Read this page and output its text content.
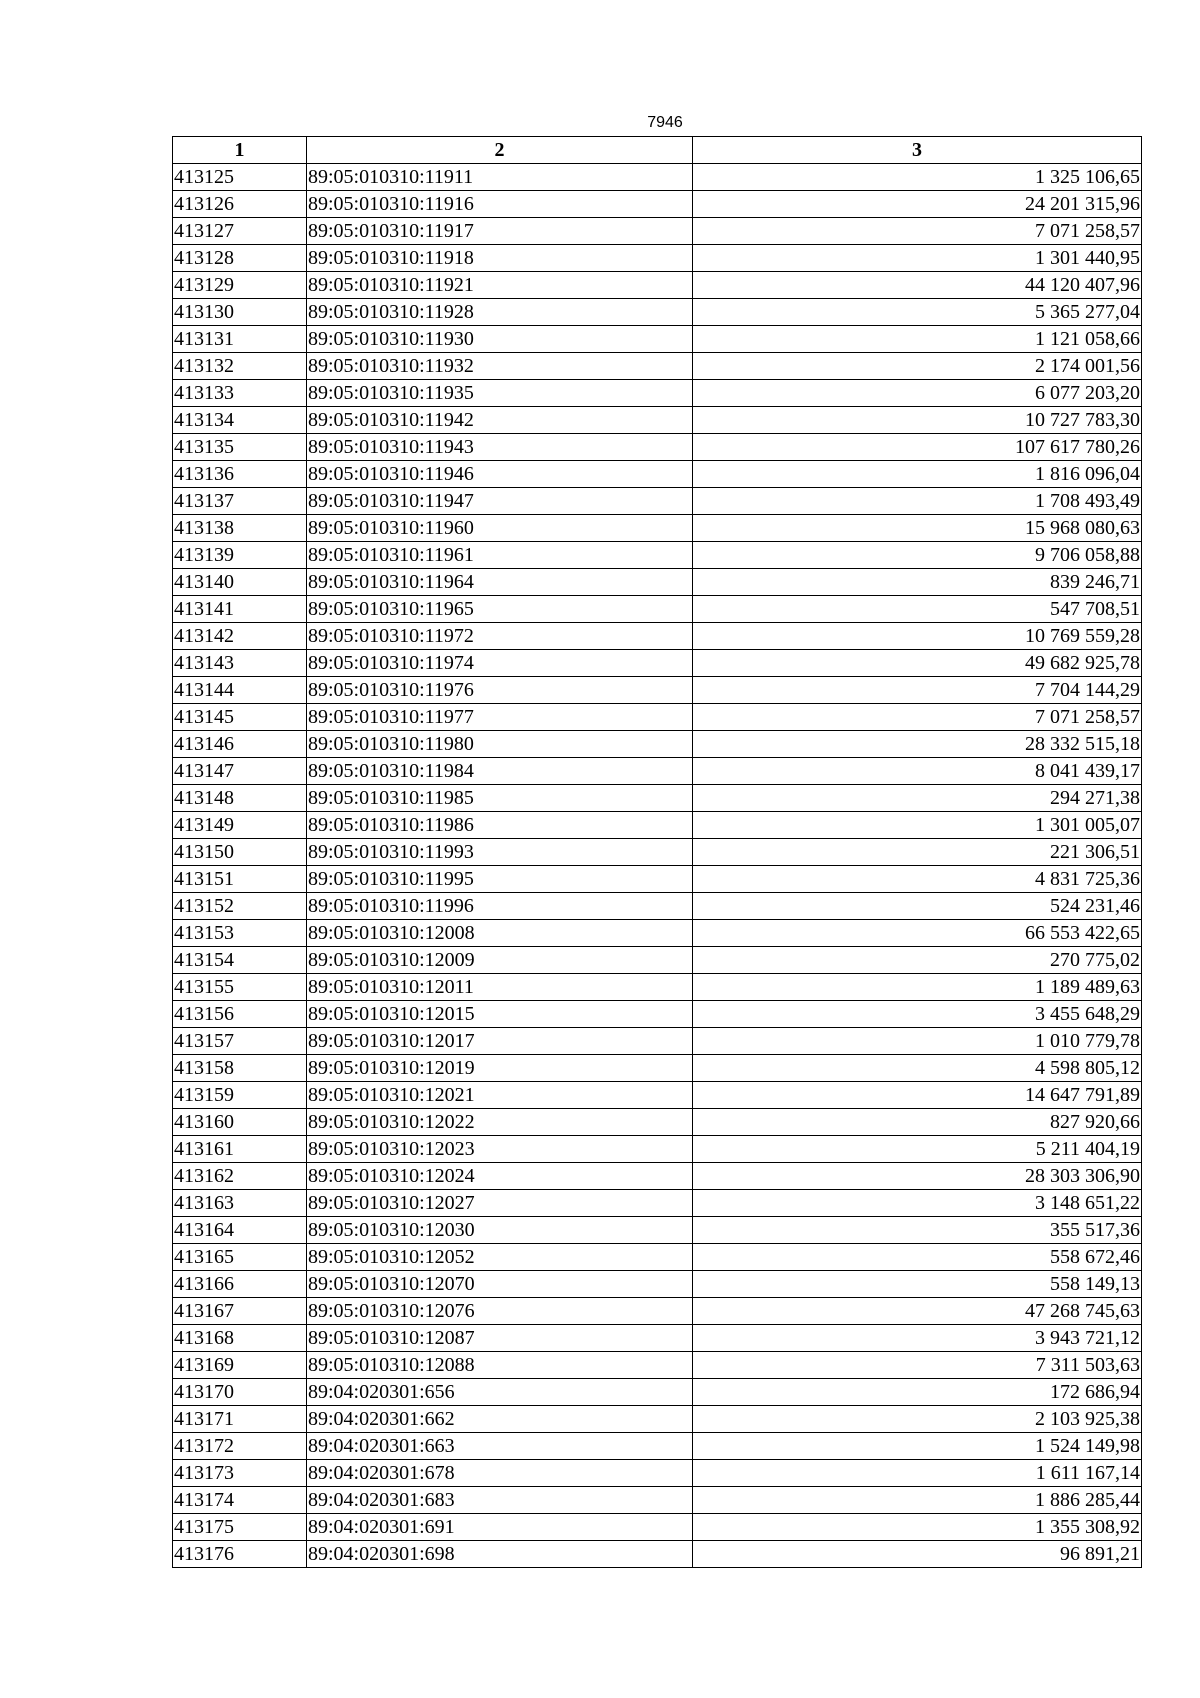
7946
1	2	3
413125	89:05:010310:11911	1 325 106,65
413126	89:05:010310:11916	24 201 315,96
413127	89:05:010310:11917	7 071 258,57
413128	89:05:010310:11918	1 301 440,95
413129	89:05:010310:11921	44 120 407,96
413130	89:05:010310:11928	5 365 277,04
413131	89:05:010310:11930	1 121 058,66
413132	89:05:010310:11932	2 174 001,56
413133	89:05:010310:11935	6 077 203,20
413134	89:05:010310:11942	10 727 783,30
413135	89:05:010310:11943	107 617 780,26
413136	89:05:010310:11946	1 816 096,04
413137	89:05:010310:11947	1 708 493,49
413138	89:05:010310:11960	15 968 080,63
413139	89:05:010310:11961	9 706 058,88
413140	89:05:010310:11964	839 246,71
413141	89:05:010310:11965	547 708,51
413142	89:05:010310:11972	10 769 559,28
413143	89:05:010310:11974	49 682 925,78
413144	89:05:010310:11976	7 704 144,29
413145	89:05:010310:11977	7 071 258,57
413146	89:05:010310:11980	28 332 515,18
413147	89:05:010310:11984	8 041 439,17
413148	89:05:010310:11985	294 271,38
413149	89:05:010310:11986	1 301 005,07
413150	89:05:010310:11993	221 306,51
413151	89:05:010310:11995	4 831 725,36
413152	89:05:010310:11996	524 231,46
413153	89:05:010310:12008	66 553 422,65
413154	89:05:010310:12009	270 775,02
413155	89:05:010310:12011	1 189 489,63
413156	89:05:010310:12015	3 455 648,29
413157	89:05:010310:12017	1 010 779,78
413158	89:05:010310:12019	4 598 805,12
413159	89:05:010310:12021	14 647 791,89
413160	89:05:010310:12022	827 920,66
413161	89:05:010310:12023	5 211 404,19
413162	89:05:010310:12024	28 303 306,90
413163	89:05:010310:12027	3 148 651,22
413164	89:05:010310:12030	355 517,36
413165	89:05:010310:12052	558 672,46
413166	89:05:010310:12070	558 149,13
413167	89:05:010310:12076	47 268 745,63
413168	89:05:010310:12087	3 943 721,12
413169	89:05:010310:12088	7 311 503,63
413170	89:04:020301:656	172 686,94
413171	89:04:020301:662	2 103 925,38
413172	89:04:020301:663	1 524 149,98
413173	89:04:020301:678	1 611 167,14
413174	89:04:020301:683	1 886 285,44
413175	89:04:020301:691	1 355 308,92
413176	89:04:020301:698	96 891,21
